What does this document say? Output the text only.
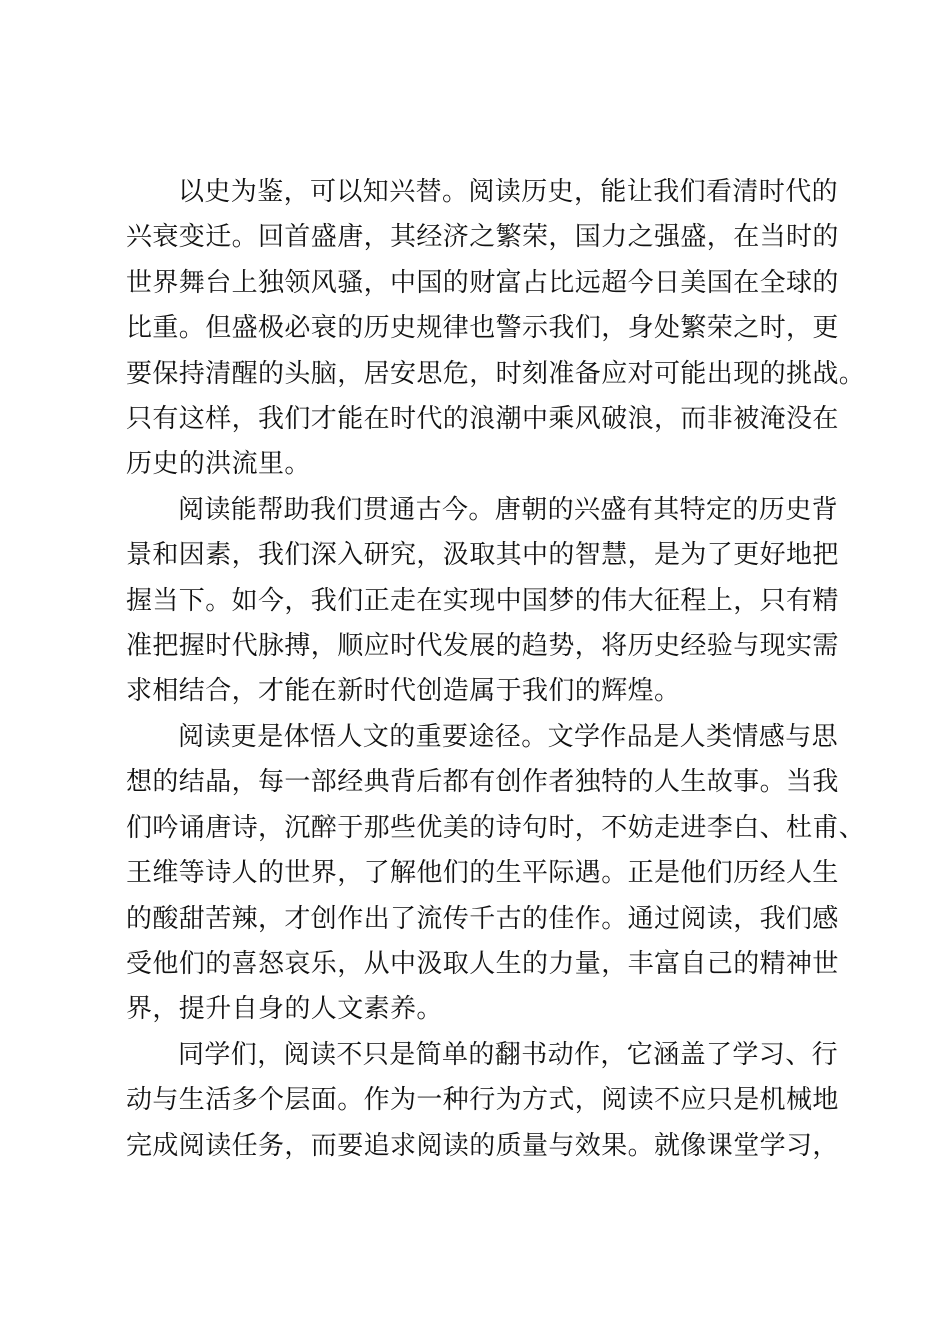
以史为鉴，可以知兴替。阅读历史，能让我们看清时代的
兴衰变迁。回首盛唐，其经济之繁荣，国力之强盛，在当时的
世界舞台上独领风骚，中国的财富占比远超今日美国在全球的
比重。但盛极必衰的历史规律也警示我们，身处繁荣之时，更
要保持清醒的头脑，居安思危，时刻准备应对可能出现的挑战。
只有这样，我们才能在时代的浪潮中乘风破浪，而非被淹没在
历史的洪流里。

阅读能帮助我们贯通古今。唐朝的兴盛有其特定的历史背
景和因素，我们深入研究，汲取其中的智慧，是为了更好地把
握当下。如今，我们正走在实现中国梦的伟大征程上，只有精
准把握时代脉搏，顺应时代发展的趋势，将历史经验与现实需
求相结合，才能在新时代创造属于我们的辉煌。

阅读更是体悟人文的重要途径。文学作品是人类情感与思
想的结晶，每一部经典背后都有创作者独特的人生故事。当我
们吟诵唐诗，沉醉于那些优美的诗句时，不妨走进李白、杜甫、
王维等诗人的世界，了解他们的生平际遇。正是他们历经人生
的酸甜苦辣，才创作出了流传千古的佳作。通过阅读，我们感
受他们的喜怒哀乐，从中汲取人生的力量，丰富自己的精神世
界，提升自身的人文素养。

同学们，阅读不只是简单的翻书动作，它涵盖了学习、行
动与生活多个层面。作为一种行为方式，阅读不应只是机械地
完成阅读任务，而要追求阅读的质量与效果。就像课堂学习，
